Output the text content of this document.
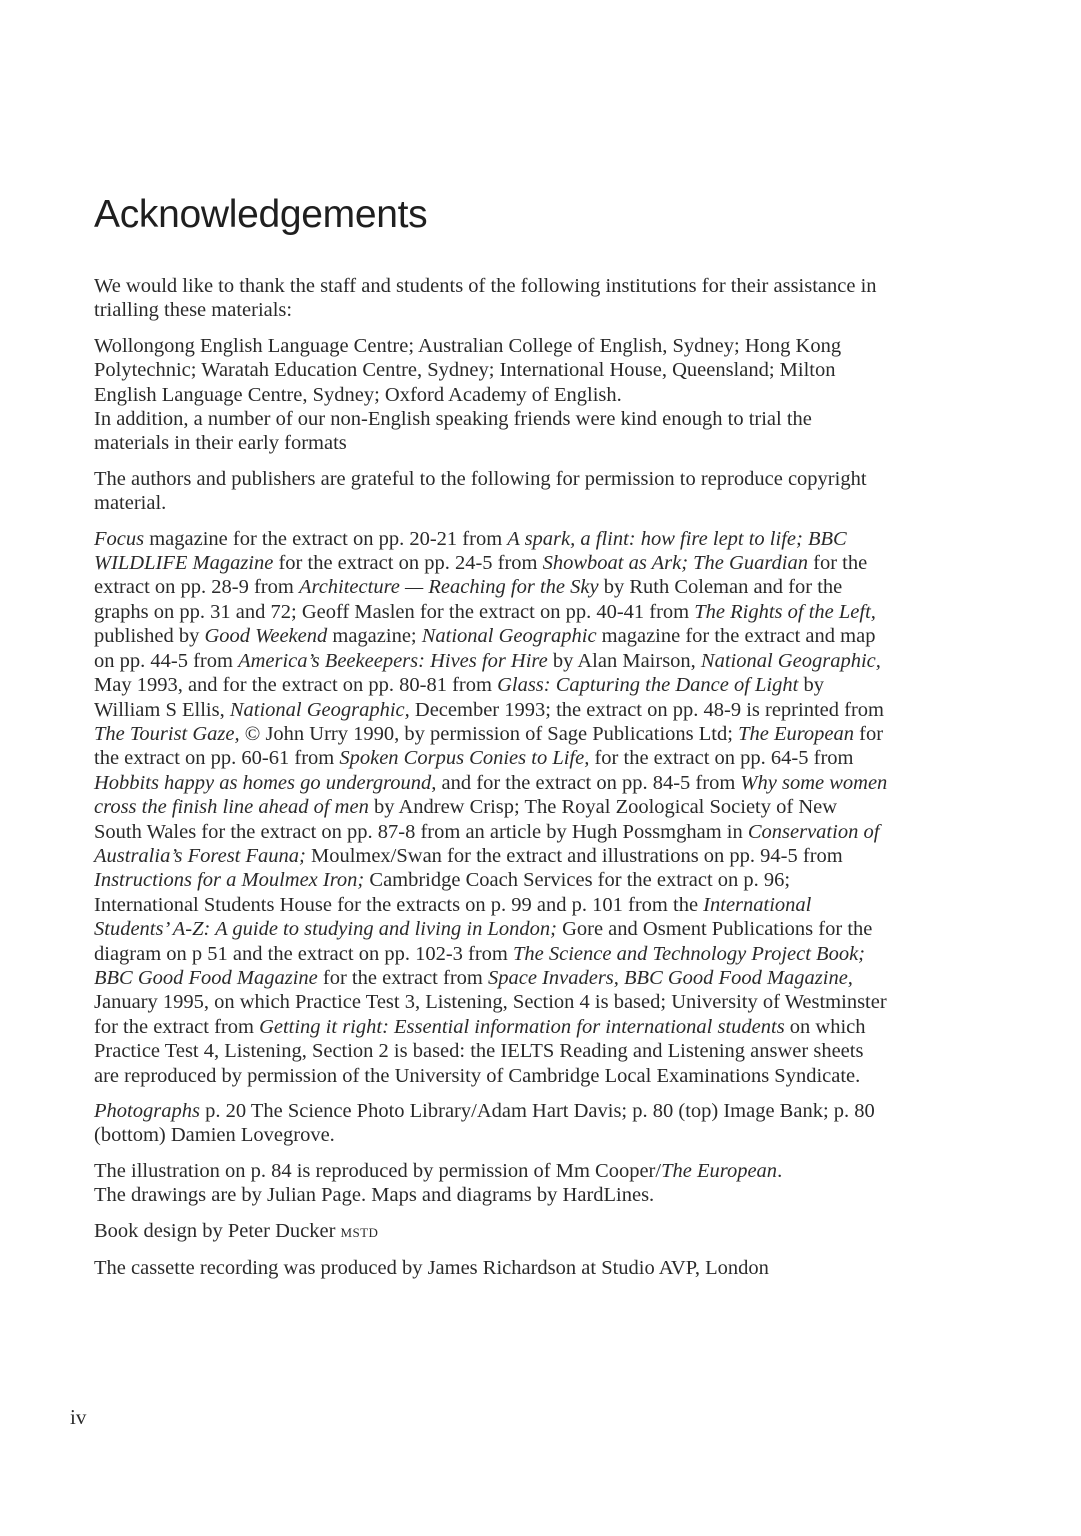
Acknowledgements

We would like to thank the staff and students of the following institutions for their assistance in
trialling these materials:

Wollongong English Language Centre; Australian College of English, Sydney; Hong Kong
Polytechnic; Waratah Education Centre, Sydney; International House, Queensland; Milton
English Language Centre, Sydney; Oxford Academy of English.

In addition, a number of our non-English speaking friends were kind enough to trial the
materials in their early formats

The authors and publishers are grateful to the following for permission to reproduce copyright
material.

Focus magazine for the extract on pp. 20-21 from A spark, a flint: how fire lept to life; BBC
WILDLIFE Magazine for the extract on pp. 24-5 from Showboat as Ark; The Guardian for the
extract on pp. 28-9 from Architecture — Reaching for the Sky by Ruth Coleman and for the
graphs on pp. 31 and 72; Geoff Maslen for the extract on pp. 40-41 from The Rights of the Left,
published by Good Weekend magazine; National Geographic magazine for the extract and map
on pp. 44-5 from America’s Beekeepers: Hives for Hire by Alan Mairson, National Geographic,
May 1993, and for the extract on pp. 80-81 from Glass: Capturing the Dance of Light by
William S Ellis, National Geographic, December 1993; the extract on pp. 48-9 is reprinted from
The Tourist Gaze, © John Urry 1990, by permission of Sage Publications Ltd; The European for
the extract on pp. 60-61 from Spoken Corpus Conies to Life, for the extract on pp. 64-5 from
Hobbits happy as homes go underground, and for the extract on pp. 84-5 from Why some women
cross the finish line ahead of men by Andrew Crisp; The Royal Zoological Society of New
South Wales for the extract on pp. 87-8 from an article by Hugh Possmgham in Conservation of
Australia’s Forest Fauna; Moulmex/Swan for the extract and illustrations on pp. 94-5 from
Instructions for a Moulmex Iron; Cambridge Coach Services for the extract on p. 96;
International Students House for the extracts on p. 99 and p. 101 from the International
Students’ A-Z: A guide to studying and living in London; Gore and Osment Publications for the
diagram on p 51 and the extract on pp. 102-3 from The Science and Technology Project Book;
BBC Good Food Magazine for the extract from Space Invaders, BBC Good Food Magazine,
January 1995, on which Practice Test 3, Listening, Section 4 is based; University of Westminster
for the extract from Getting it right: Essential information for international students on which
Practice Test 4, Listening, Section 2 is based: the IELTS Reading and Listening answer sheets
are reproduced by permission of the University of Cambridge Local Examinations Syndicate.

Photographs p. 20 The Science Photo Library/Adam Hart Davis; p. 80 (top) Image Bank; p. 80
(bottom) Damien Lovegrove.

The illustration on p. 84 is reproduced by permission of Mm Cooper/The European.

The drawings are by Julian Page. Maps and diagrams by HardLines.

Book design by Peter Ducker MSTD

The cassette recording was produced by James Richardson at Studio AVP, London

iv
